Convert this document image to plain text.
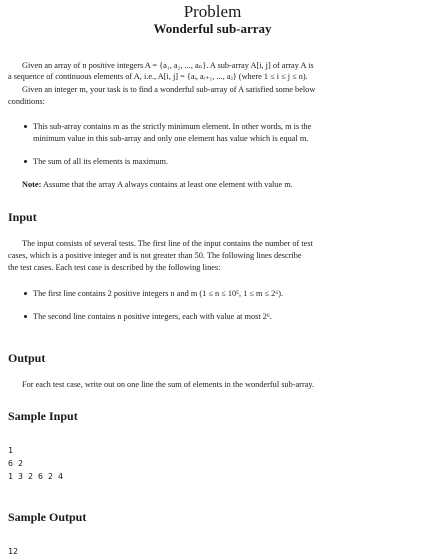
Problem
Wonderful sub-array
Given an array of n positive integers A = {a₁, a₂, ..., aₙ}. A sub-array A[i, j] of array A is
a sequence of continuous elements of A, i.e., A[i, j] = {aᵢ, aᵢ₊₁, ..., aⱼ} (where 1 ≤ i ≤ j ≤ n).
Given an integer m, your task is to find a wonderful sub-array of A satisfied some below
conditions:
This sub-array contains m as the strictly minimum element. In other words, m is the
minimum value in this sub-array and only one element has value which is equal m.
The sum of all its elements is maximum.
Note: Assume that the array A always contains at least one element with value m.
Input
The input consists of several tests. The first line of the input contains the number of test
cases, which is a positive integer and is not greater than 50. The following lines describe
the test cases. Each test case is described by the following lines:
The first line contains 2 positive integers n and m (1 ≤ n ≤ 10⁵, 1 ≤ m ≤ 2⁶).
The second line contains n positive integers, each with value at most 2⁶.
Output
For each test case, write out on one line the sum of elements in the wonderful sub-array.
Sample Input
1
6 2
1 3 2 6 2 4
Sample Output
12
